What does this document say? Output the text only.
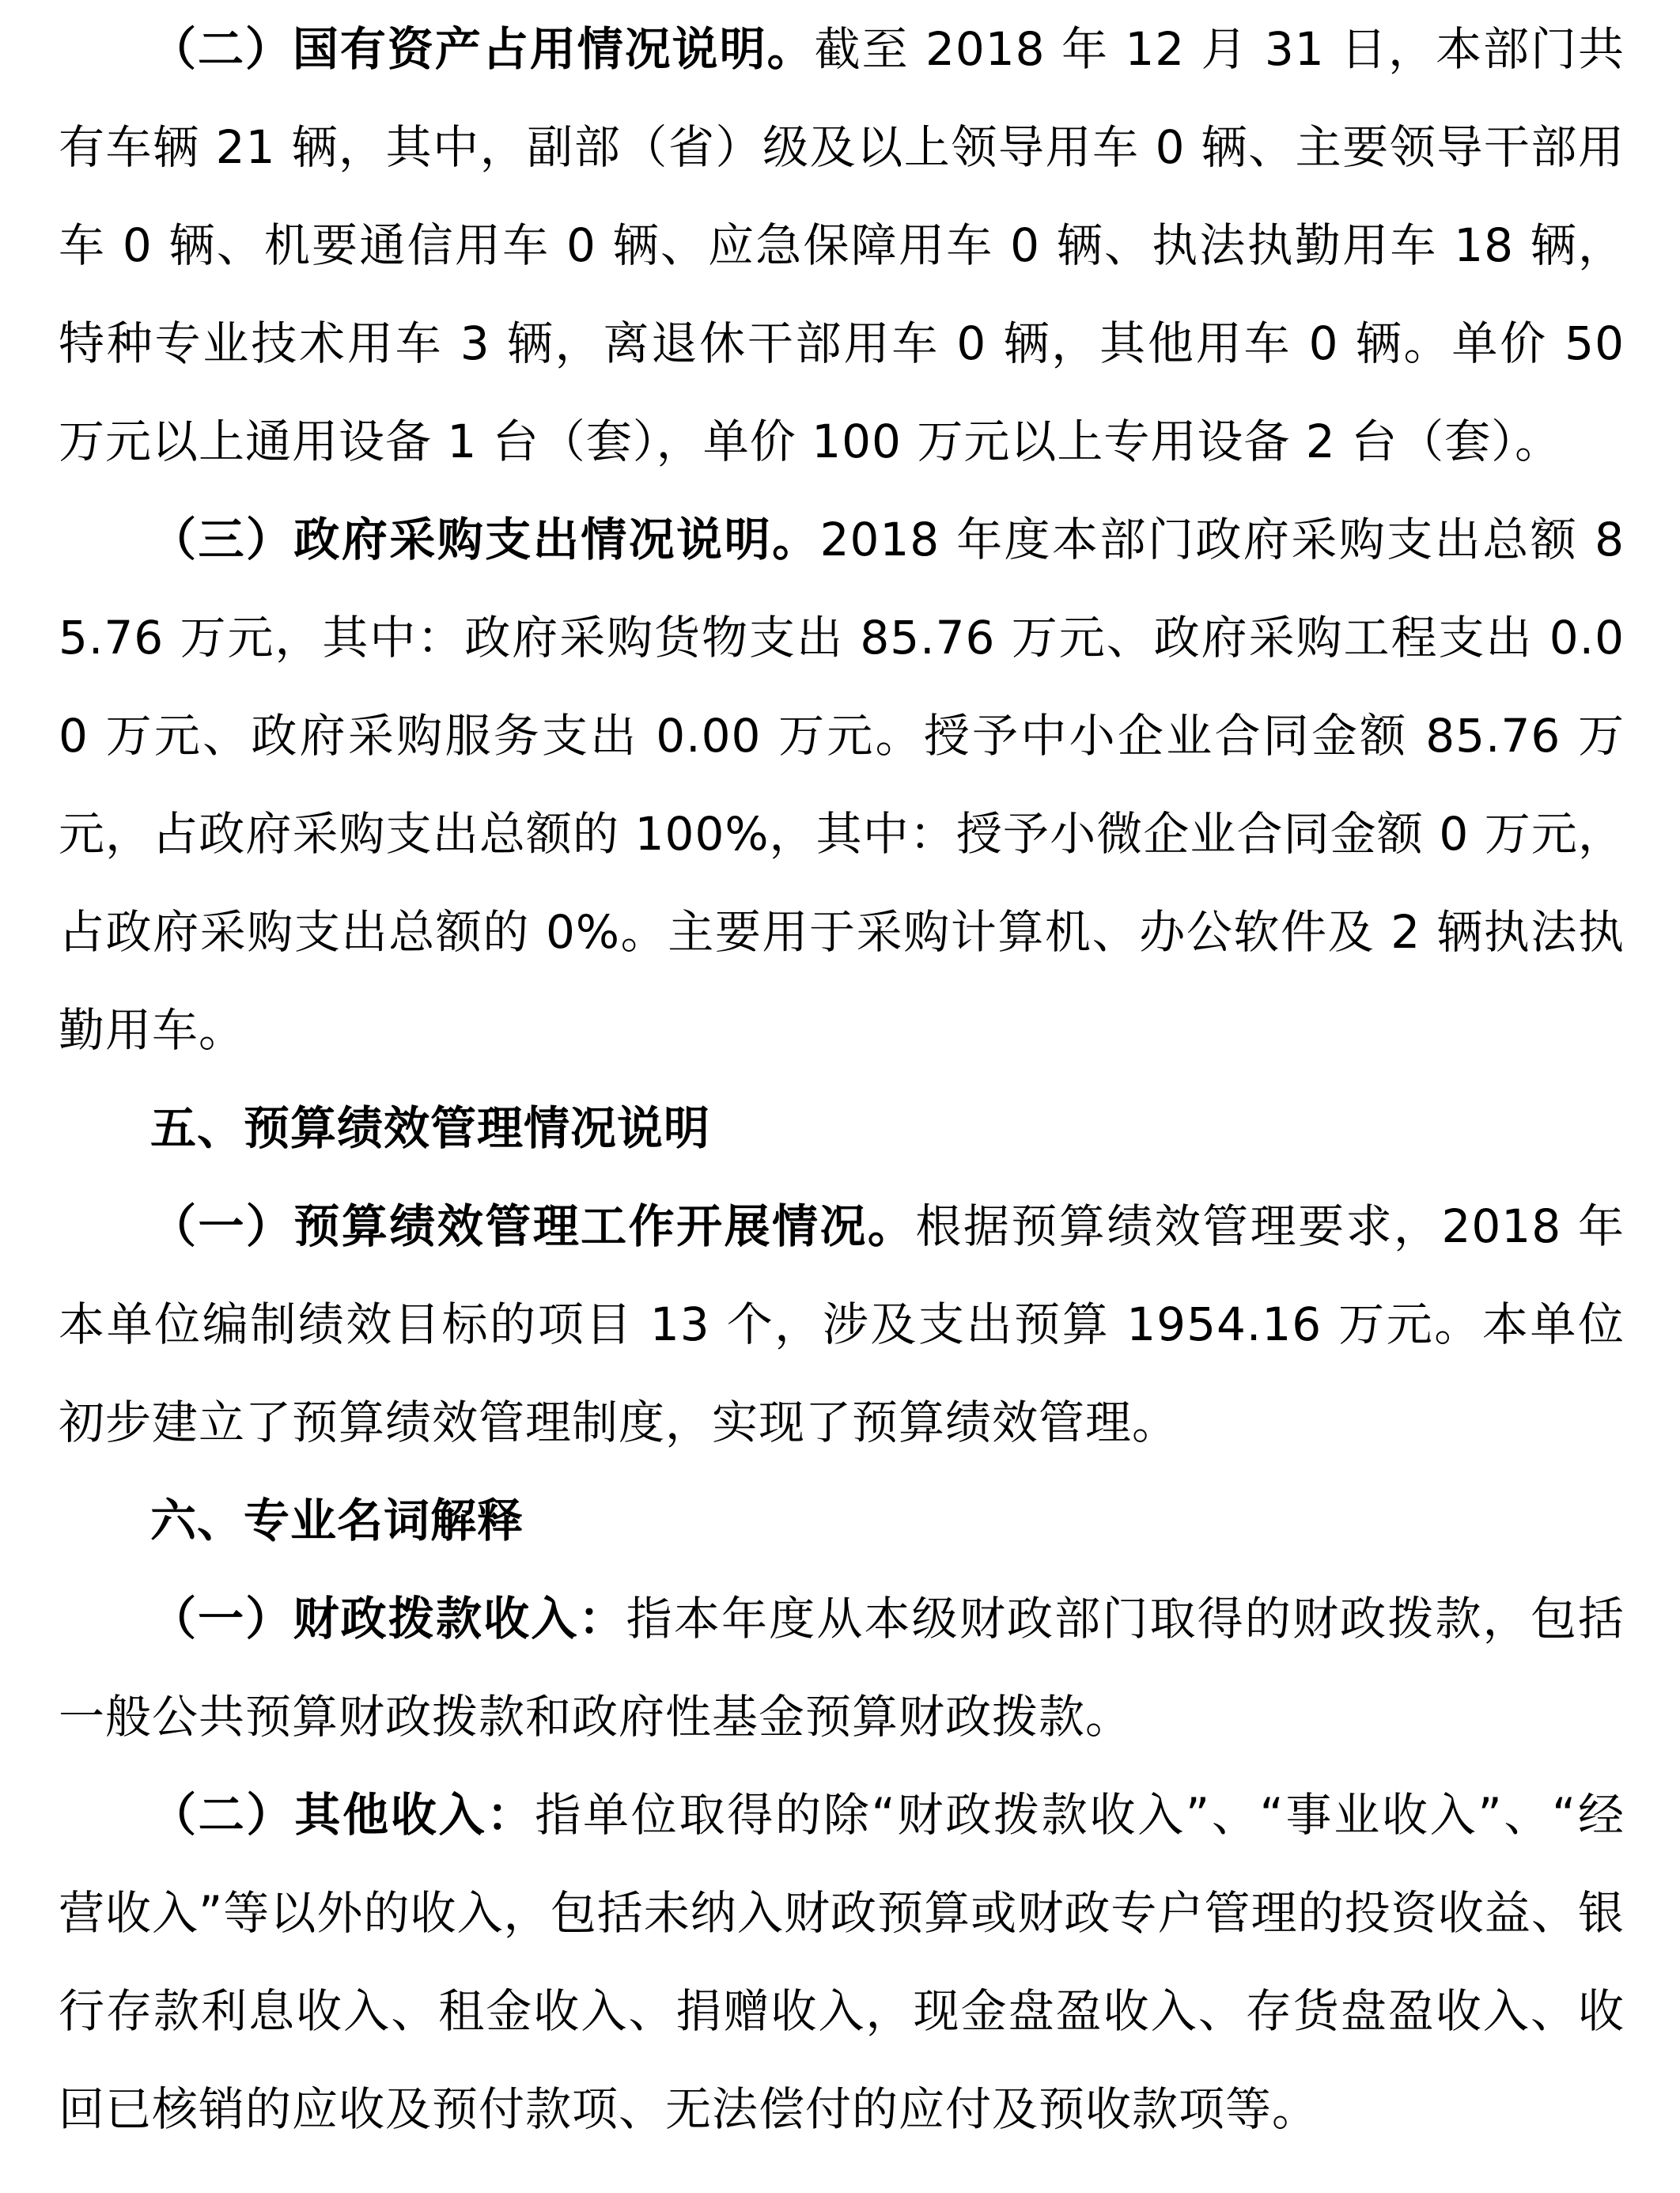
（二）国有资产占用情况说明。截至 2018 年 12 月 31 日，本部门共有车辆 21 辆，其中，副部（省）级及以上领导用车 0 辆、主要领导干部用车 0 辆、机要通信用车 0 辆、应急保障用车 0 辆、执法执勤用车 18 辆，特种专业技术用车 3 辆，离退休干部用车 0 辆，其他用车 0 辆。单价 50 万元以上通用设备 1 台（套），单价 100 万元以上专用设备 2 台（套）。

（三）政府采购支出情况说明。2018 年度本部门政府采购支出总额 85.76 万元，其中：政府采购货物支出 85.76 万元、政府采购工程支出 0.00 万元、政府采购服务支出 0.00 万元。授予中小企业合同金额 85.76 万元，占政府采购支出总额的 100%，其中：授予小微企业合同金额 0 万元，占政府采购支出总额的 0%。主要用于采购计算机、办公软件及 2 辆执法执勤用车。

五、预算绩效管理情况说明

（一）预算绩效管理工作开展情况。根据预算绩效管理要求，2018 年本单位编制绩效目标的项目 13 个，涉及支出预算 1954.16 万元。本单位初步建立了预算绩效管理制度，实现了预算绩效管理。

六、专业名词解释

（一）财政拨款收入：指本年度从本级财政部门取得的财政拨款，包括一般公共预算财政拨款和政府性基金预算财政拨款。

（二）其他收入：指单位取得的除“财政拨款收入”、“事业收入”、“经营收入”等以外的收入，包括未纳入财政预算或财政专户管理的投资收益、银行存款利息收入、租金收入、捐赠收入，现金盘盈收入、存货盘盈收入、收回已核销的应收及预付款项、无法偿付的应付及预收款项等。
